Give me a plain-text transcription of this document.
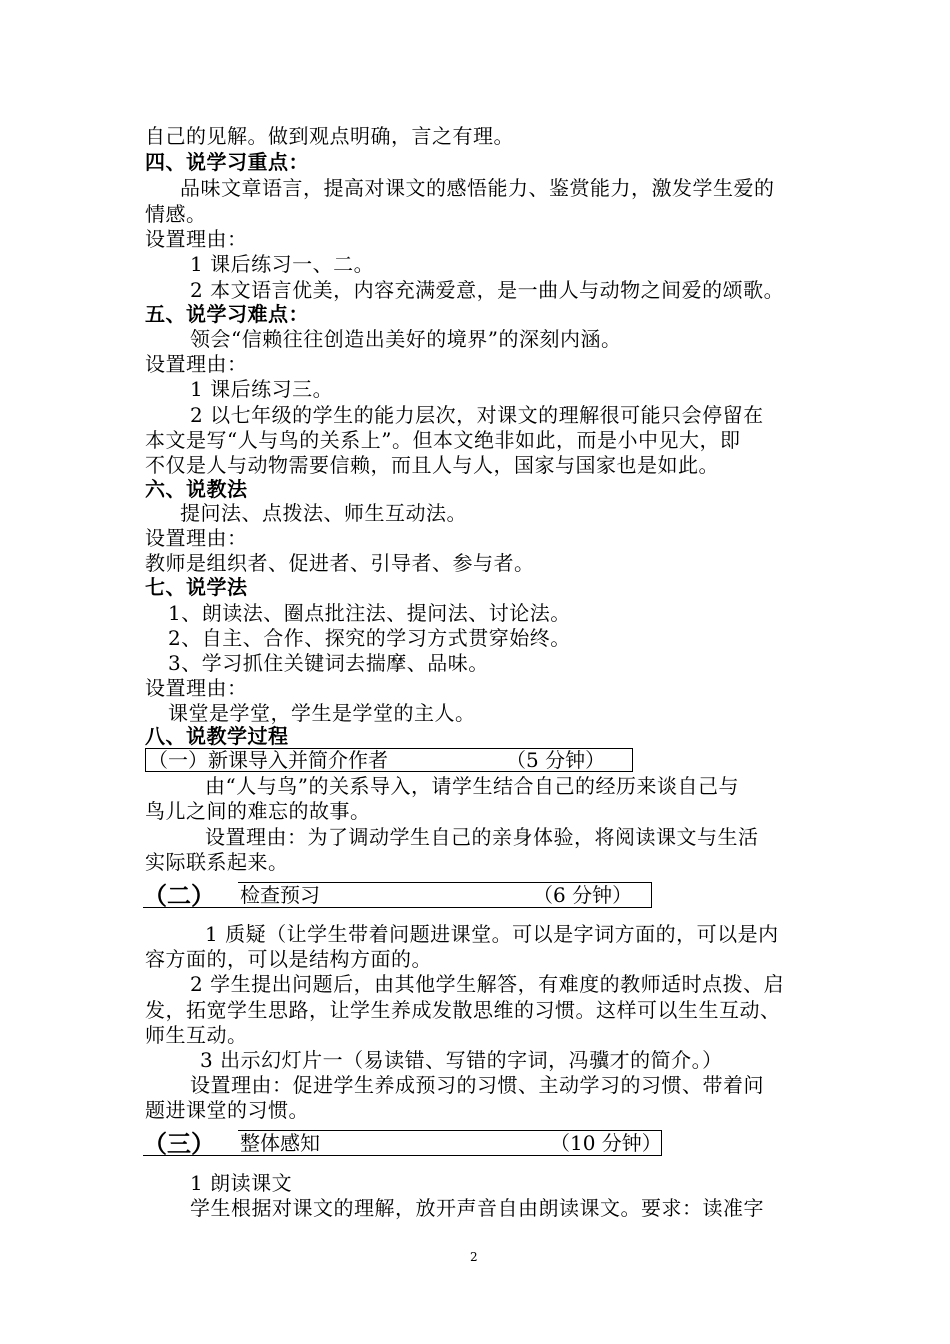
自己的见解。做到观点明确，言之有理。
四、说学习重点：
品味文章语言，提高对课文的感悟能力、鉴赏能力，激发学生爱的
情感。
设置理由：
1 课后练习一、二。
2 本文语言优美，内容充满爱意，是一曲人与动物之间爱的颂歌。
五、说学习难点：
领会“信赖往往创造出美好的境界”的深刻内涵。
设置理由：
1 课后练习三。
2 以七年级的学生的能力层次，对课文的理解很可能只会停留在
本文是写“人与鸟的关系上”。但本文绝非如此，而是小中见大，即
不仅是人与动物需要信赖，而且人与人，国家与国家也是如此。
六、说教法
提问法、点拨法、师生互动法。
设置理由：
教师是组织者、促进者、引导者、参与者。
七、说学法
1、朗读法、圈点批注法、提问法、讨论法。
2、自主、合作、探究的学习方式贯穿始终。
3、学习抓住关键词去揣摩、品味。
设置理由：
课堂是学堂，学生是学堂的主人。
八、说教学过程
（一）新课导入并简介作者	（5 分钟）
由“人与鸟”的关系导入，请学生结合自己的经历来谈自己与
鸟儿之间的难忘的故事。
设置理由：为了调动学生自己的亲身体验，将阅读课文与生活
实际联系起来。
（二） 检查预习	（6 分钟）
1 质疑（让学生带着问题进课堂。可以是字词方面的，可以是内
容方面的，可以是结构方面的。
2 学生提出问题后，由其他学生解答，有难度的教师适时点拨、启
发，拓宽学生思路，让学生养成发散思维的习惯。这样可以生生互动、
师生互动。
3 出示幻灯片一（易读错、写错的字词，冯骥才的简介。）
设置理由：促进学生养成预习的习惯、主动学习的习惯、带着问
题进课堂的习惯。
（三） 整体感知	（10 分钟）
1 朗读课文
学生根据对课文的理解，放开声音自由朗读课文。要求：读准字
2
